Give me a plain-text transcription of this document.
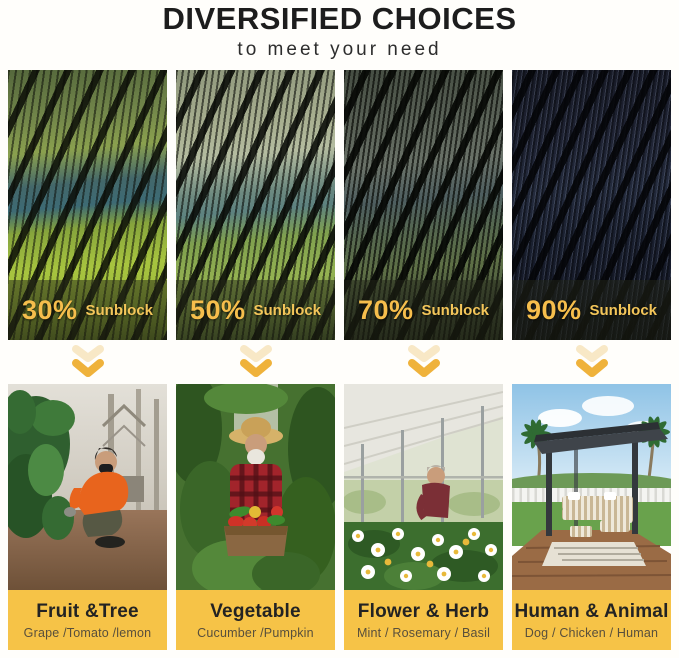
DIVERSIFIED CHOICES
to meet your need
30% Sunblock 50% Sunblock 70% Sunblock 90% Sunblock
Fruit &Tree
Grape /Tomato /lemon
Vegetable
Cucumber /Pumpkin
Flower & Herb
Mint / Rosemary / Basil
Human & Animal
Dog / Chicken / Human
